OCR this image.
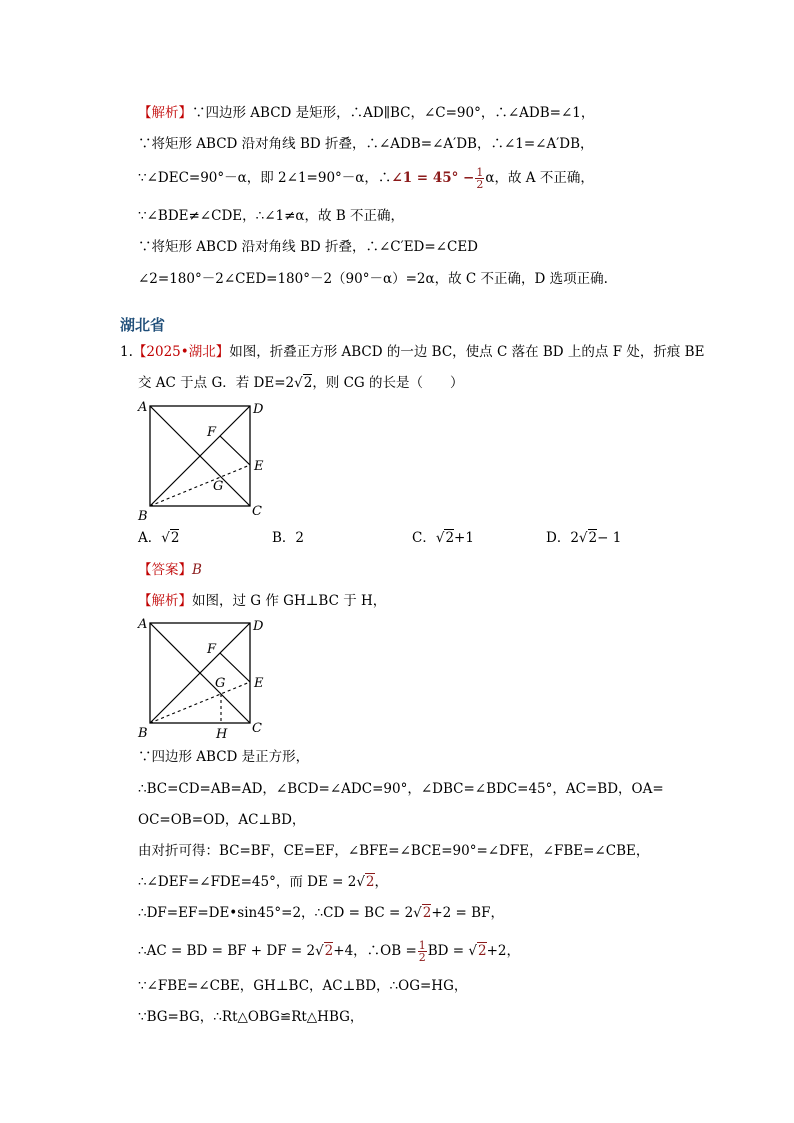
【解析】∵四边形 ABCD 是矩形，∴AD∥BC，∠C=90°，∴∠ADB=∠1，
∵将矩形 ABCD 沿对角线 BD 折叠，∴∠ADB=∠A′DB，∴∠1=∠A′DB，
∵∠DEC=90°－α，即 2∠1=90°－α，∴∠1 = $45^\circ - \frac{1}{2}$ α，故 A 不正确，
∵∠BDE≠∠CDE，∴∠1≠α，故 B 不正确，
∵将矩形 ABCD 沿对角线 BD 折叠，∴∠C′ED=∠CED
∠2=180°－2∠CED=180°－2（90°－α）=2α，故 C 不正确，D 选项正确.
湖北省
1.【2025•湖北】如图，折叠正方形 ABCD 的一边 BC，使点 C 落在 BD 上的点 F 处，折痕 BE
交 AC 于点 G．若 DE=2√2，则 CG 的长是（　　）
A	D
B	C
E
F
G
A．√2	B．2	C．√2+1	D．2√2− 1
【答案】B
【解析】如图，过 G 作 GH⊥BC 于 H，
A	D
B	C
E
F
G
H
∵四边形 ABCD 是正方形，
∴BC=CD=AB=AD，∠BCD=∠ADC=90°，∠DBC=∠BDC=45°，AC=BD，OA=
OC=OB=OD，AC⊥BD，
由对折可得：BC=BF，CE=EF，∠BFE=∠BCE=90°=∠DFE，∠FBE=∠CBE，
∴∠DEF=∠FDE=45°，而 DE = 2√2，
∴DF=EF=DE•sin45°=2，∴CD = BC = 2√2+2 = BF，
∴AC = BD = BF + DF = 2√2+4，∴OB = $\frac{1}{2}$ BD = √2+2，
∵∠FBE=∠CBE，GH⊥BC，AC⊥BD，∴OG=HG，
∵BG=BG，∴Rt△OBG≌Rt△HBG，
